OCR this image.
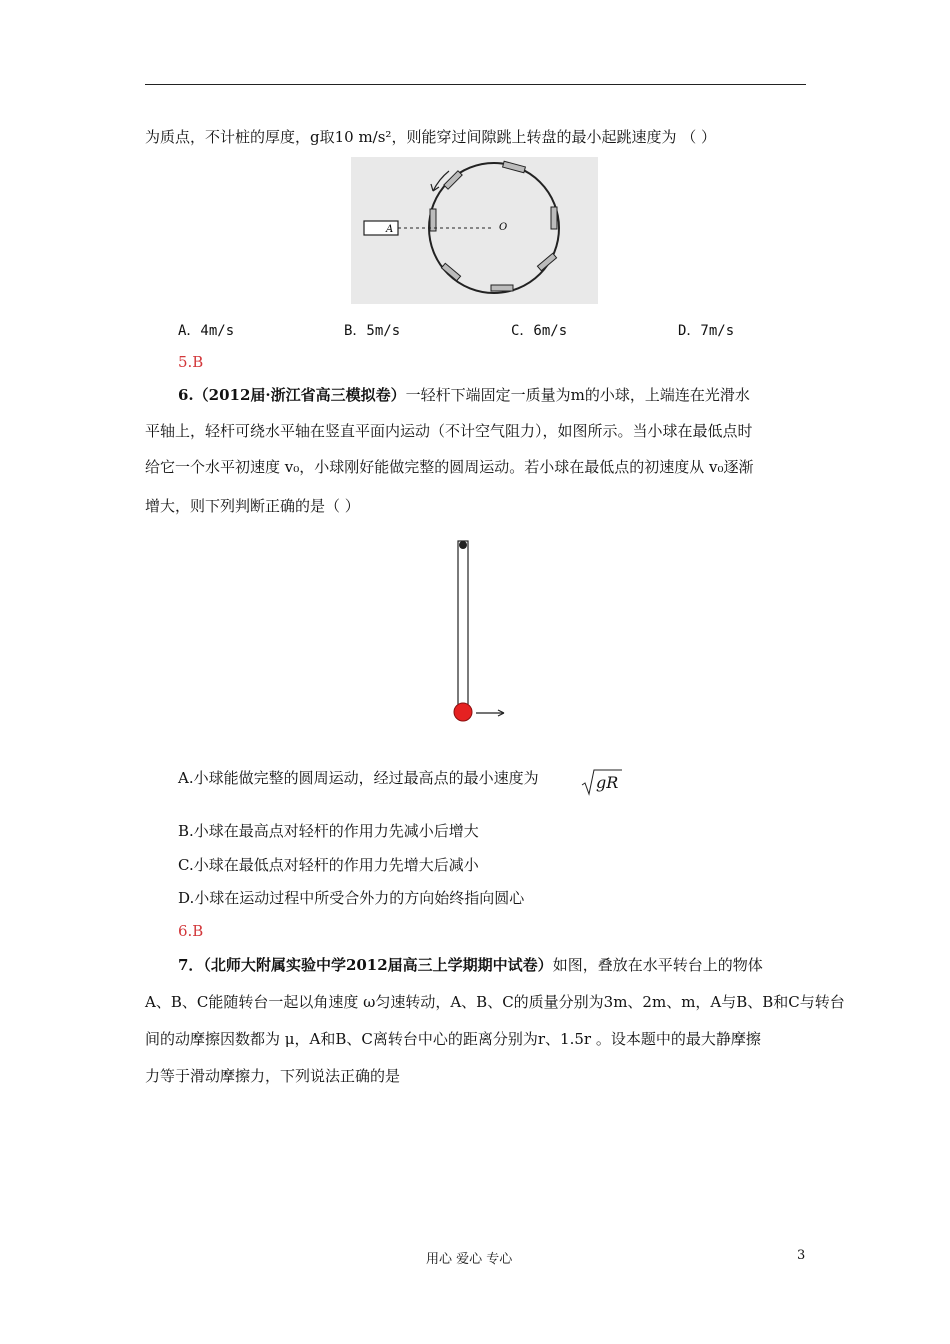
为质点，不计桩的厚度，g取10 m/s²，则能穿过间隙跳上转盘的最小起跳速度为 （ ）
A	O
A．4m/s	B．5m/s	C．6m/s	D．7m/s
5.B
6.（2012届·浙江省高三模拟卷）一轻杆下端固定一质量为m的小球，上端连在光滑水
平轴上，轻杆可绕水平轴在竖直平面内运动（不计空气阻力），如图所示。当小球在最低点时
给它一个水平初速度 v₀，小球刚好能做完整的圆周运动。若小球在最低点的初速度从 v₀逐渐
增大，则下列判断正确的是（ ）
A.小球能做完整的圆周运动，经过最高点的最小速度为	gR
B.小球在最高点对轻杆的作用力先减小后增大
C.小球在最低点对轻杆的作用力先增大后减小
D.小球在运动过程中所受合外力的方向始终指向圆心
6.B
7．（北师大附属实验中学2012届高三上学期期中试卷）如图，叠放在水平转台上的物体
A、B、C能随转台一起以角速度 ω匀速转动，A、B、C的质量分别为3m、2m、m，A与B、B和C与转台
间的动摩擦因数都为 μ，A和B、C离转台中心的距离分别为r、1.5r 。设本题中的最大静摩擦
力等于滑动摩擦力，下列说法正确的是
用心 爱心 专心	3
